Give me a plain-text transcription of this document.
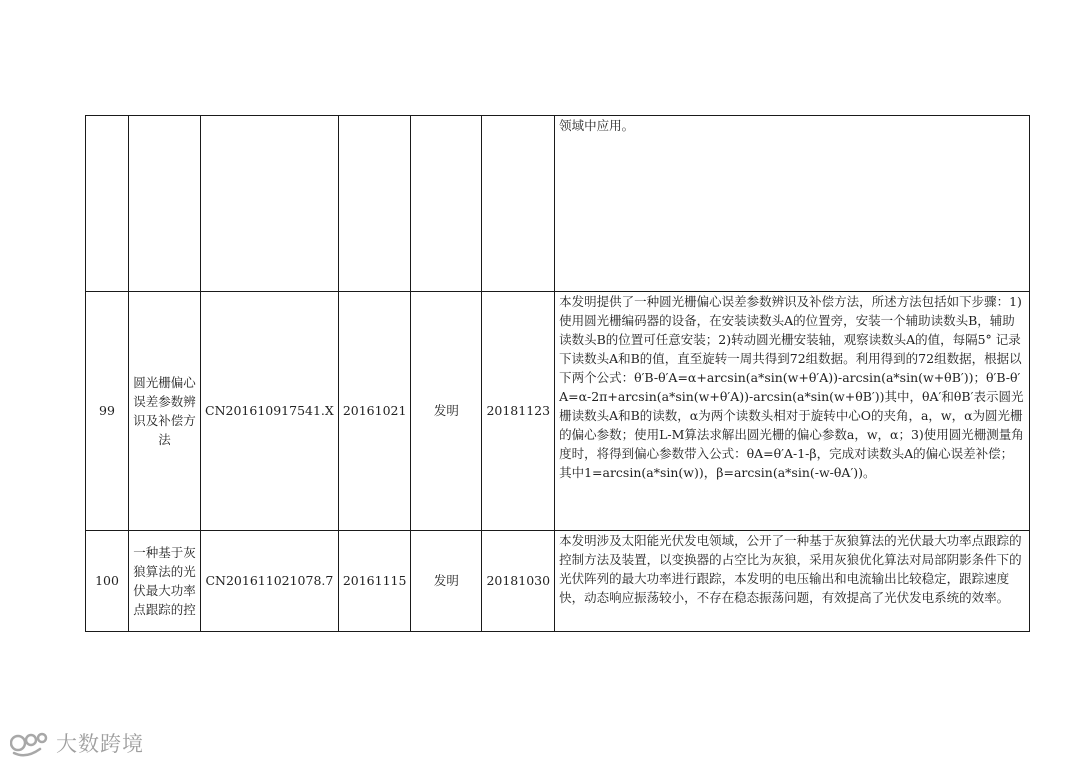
						领域中应用。
99	圆光栅偏心误差参数辨识及补偿方法	CN201610917541.X	20161021	发明	20181123	本发明提供了一种圆光栅偏心误差参数辨识及补偿方法，所述方法包括如下步骤：1)使用圆光栅编码器的设备，在安装读数头A的位置旁，安装一个辅助读数头B，辅助读数头B的位置可任意安装；2)转动圆光栅安装轴，观察读数头A的值，每隔5° 记录下读数头A和B的值，直至旋转一周共得到72组数据。利用得到的72组数据，根据以下两个公式：θ′B-θ′A=α+arcsin(a*sin(w+θ′A))-arcsin(a*sin(w+θB′))；θ′B-θ′A=α-2π+arcsin(a*sin(w+θ′A))-arcsin(a*sin(w+θB′))其中，θA′和θB′表示圆光栅读数头A和B的读数，α为两个读数头相对于旋转中心O的夹角，a，w，α为圆光栅的偏心参数；使用L-M算法求解出圆光栅的偏心参数a，w，α；3)使用圆光栅测量角度时，将得到偏心参数带入公式：θA=θ′A-1-β，完成对读数头A的偏心误差补偿；其中1=arcsin(a*sin(w))，β=arcsin(a*sin(-w-θA′))。
100	一种基于灰狼算法的光伏最大功率点跟踪的控	CN201611021078.7	20161115	发明	20181030	本发明涉及太阳能光伏发电领域，公开了一种基于灰狼算法的光伏最大功率点跟踪的控制方法及装置，以变换器的占空比为灰狼，采用灰狼优化算法对局部阴影条件下的光伏阵列的最大功率进行跟踪，本发明的电压输出和电流输出比较稳定，跟踪速度快，动态响应振荡较小，不存在稳态振荡问题，有效提高了光伏发电系统的效率。
大数跨境
